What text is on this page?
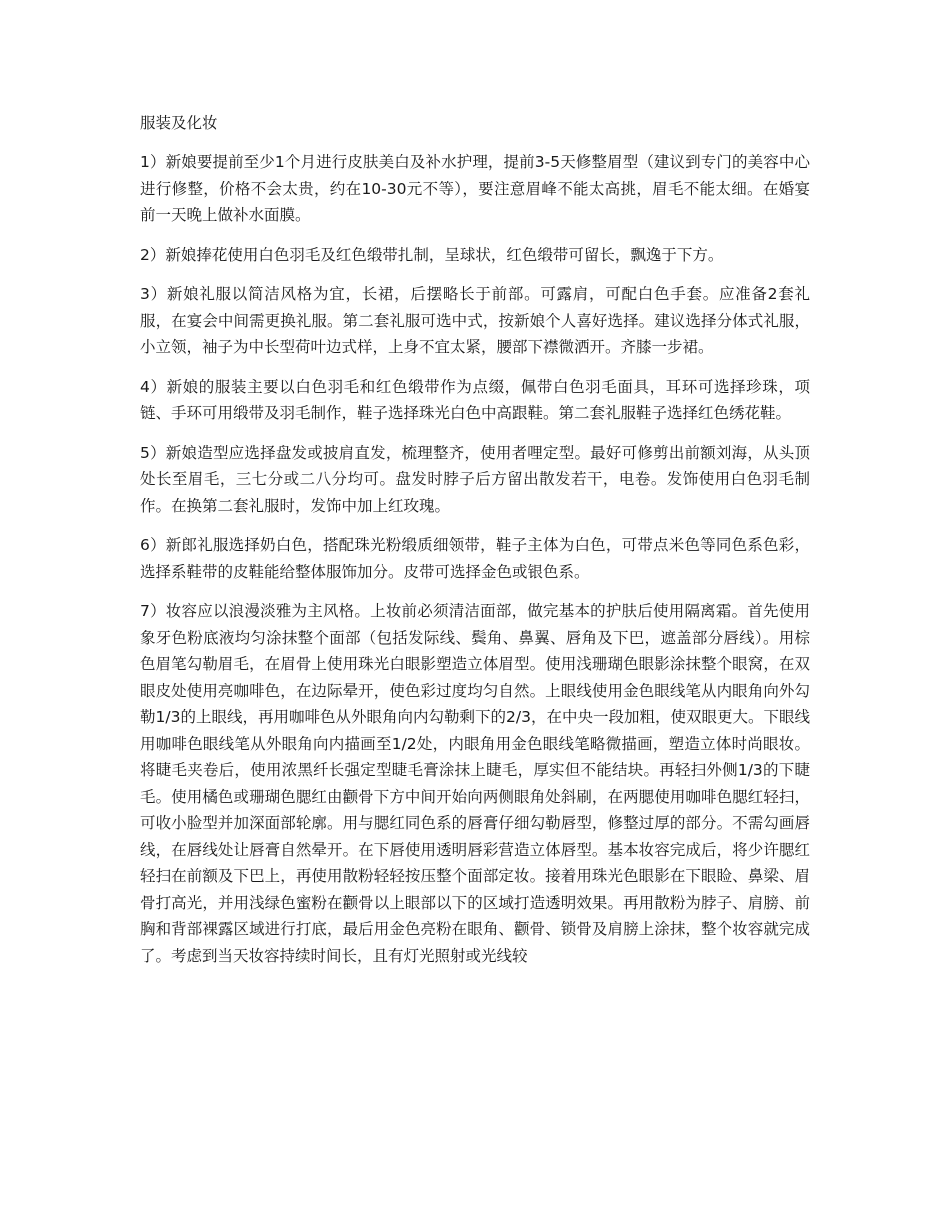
服装及化妆

1）新娘要提前至少1个月进行皮肤美白及补水护理，提前3-5天修整眉型（建议到专门的美容中心进行修整，价格不会太贵，约在10-30元不等），要注意眉峰不能太高挑，眉毛不能太细。在婚宴前一天晚上做补水面膜。

2）新娘捧花使用白色羽毛及红色缎带扎制，呈球状，红色缎带可留长，飘逸于下方。

3）新娘礼服以简洁风格为宜，长裙，后摆略长于前部。可露肩，可配白色手套。应准备2套礼服，在宴会中间需更换礼服。第二套礼服可选中式，按新娘个人喜好选择。建议选择分体式礼服，小立领，袖子为中长型荷叶边式样，上身不宜太紧，腰部下襟微洒开。齐膝一步裙。

4）新娘的服装主要以白色羽毛和红色缎带作为点缀，佩带白色羽毛面具，耳环可选择珍珠，项链、手环可用缎带及羽毛制作，鞋子选择珠光白色中高跟鞋。第二套礼服鞋子选择红色绣花鞋。

5）新娘造型应选择盘发或披肩直发，梳理整齐，使用者哩定型。最好可修剪出前额刘海，从头顶处长至眉毛，三七分或二八分均可。盘发时脖子后方留出散发若干，电卷。发饰使用白色羽毛制作。在换第二套礼服时，发饰中加上红玫瑰。

6）新郎礼服选择奶白色，搭配珠光粉缎质细领带，鞋子主体为白色，可带点米色等同色系色彩，选择系鞋带的皮鞋能给整体服饰加分。皮带可选择金色或银色系。

7）妆容应以浪漫淡雅为主风格。上妆前必须清洁面部，做完基本的护肤后使用隔离霜。首先使用象牙色粉底液均匀涂抹整个面部（包括发际线、鬓角、鼻翼、唇角及下巴，遮盖部分唇线）。用棕色眉笔勾勒眉毛，在眉骨上使用珠光白眼影塑造立体眉型。使用浅珊瑚色眼影涂抹整个眼窝，在双眼皮处使用亮咖啡色，在边际晕开，使色彩过度均匀自然。上眼线使用金色眼线笔从内眼角向外勾勒1/3的上眼线，再用咖啡色从外眼角向内勾勒剩下的2/3，在中央一段加粗，使双眼更大。下眼线用咖啡色眼线笔从外眼角向内描画至1/2处，内眼角用金色眼线笔略微描画，塑造立体时尚眼妆。将睫毛夹卷后，使用浓黑纤长强定型睫毛膏涂抹上睫毛，厚实但不能结块。再轻扫外侧1/3的下睫毛。使用橘色或珊瑚色腮红由颧骨下方中间开始向两侧眼角处斜刷，在两腮使用咖啡色腮红轻扫，可收小脸型并加深面部轮廓。用与腮红同色系的唇膏仔细勾勒唇型，修整过厚的部分。不需勾画唇线，在唇线处让唇膏自然晕开。在下唇使用透明唇彩营造立体唇型。基本妆容完成后，将少许腮红轻扫在前额及下巴上，再使用散粉轻轻按压整个面部定妆。接着用珠光色眼影在下眼睑、鼻梁、眉骨打高光，并用浅绿色蜜粉在颧骨以上眼部以下的区域打造透明效果。再用散粉为脖子、肩膀、前胸和背部裸露区域进行打底，最后用金色亮粉在眼角、颧骨、锁骨及肩膀上涂抹，整个妆容就完成了。考虑到当天妆容持续时间长，且有灯光照射或光线较
